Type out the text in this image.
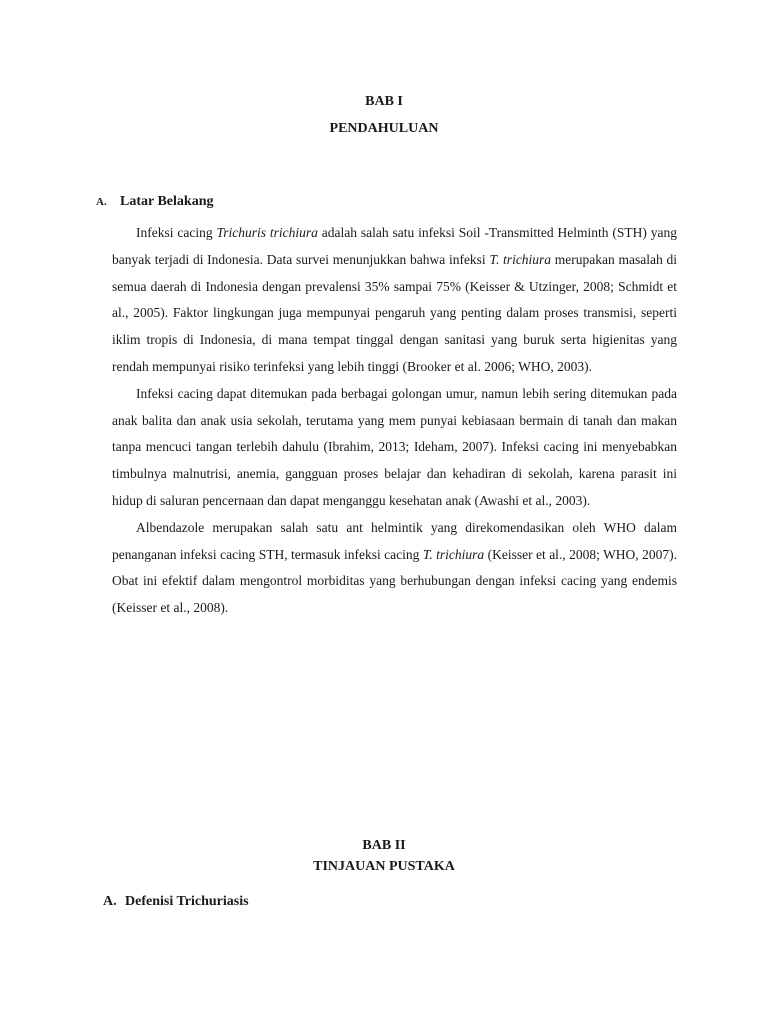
BAB I
PENDAHULUAN
A. Latar Belakang

Infeksi cacing Trichuris trichiura adalah salah satu infeksi Soil -Transmitted Helminth (STH) yang banyak terjadi di Indonesia. Data survei menunjukkan bahwa infeksi T. trichiura merupakan masalah di semua daerah di Indonesia dengan prevalensi 35% sampai 75% (Keisser & Utzinger, 2008; Schmidt et al., 2005). Faktor lingkungan juga mempunyai pengaruh yang penting dalam proses transmisi, seperti iklim tropis di Indonesia, di mana tempat tinggal dengan sanitasi yang buruk serta higienitas yang rendah mempunyai risiko terinfeksi yang lebih tinggi (Brooker et al. 2006; WHO, 2003).

Infeksi cacing dapat ditemukan pada berbagai golongan umur, namun lebih sering ditemukan pada anak balita dan anak usia sekolah, terutama yang mem punyai kebiasaan bermain di tanah dan makan tanpa mencuci tangan terlebih dahulu (Ibrahim, 2013; Ideham, 2007). Infeksi cacing ini menyebabkan timbulnya malnutrisi, anemia, gangguan proses belajar dan kehadiran di sekolah, karena parasit ini hidup di saluran pencernaan dan dapat menganggu kesehatan anak (Awashi et al., 2003).

Albendazole merupakan salah satu ant helmintik yang direkomendasikan oleh WHO dalam penanganan infeksi cacing STH, termasuk infeksi cacing T. trichiura (Keisser et al., 2008; WHO, 2007). Obat ini efektif dalam mengontrol morbiditas yang berhubungan dengan infeksi cacing yang endemis (Keisser et al., 2008).

BAB II
TINJAUAN PUSTAKA
A. Defenisi Trichuriasis
